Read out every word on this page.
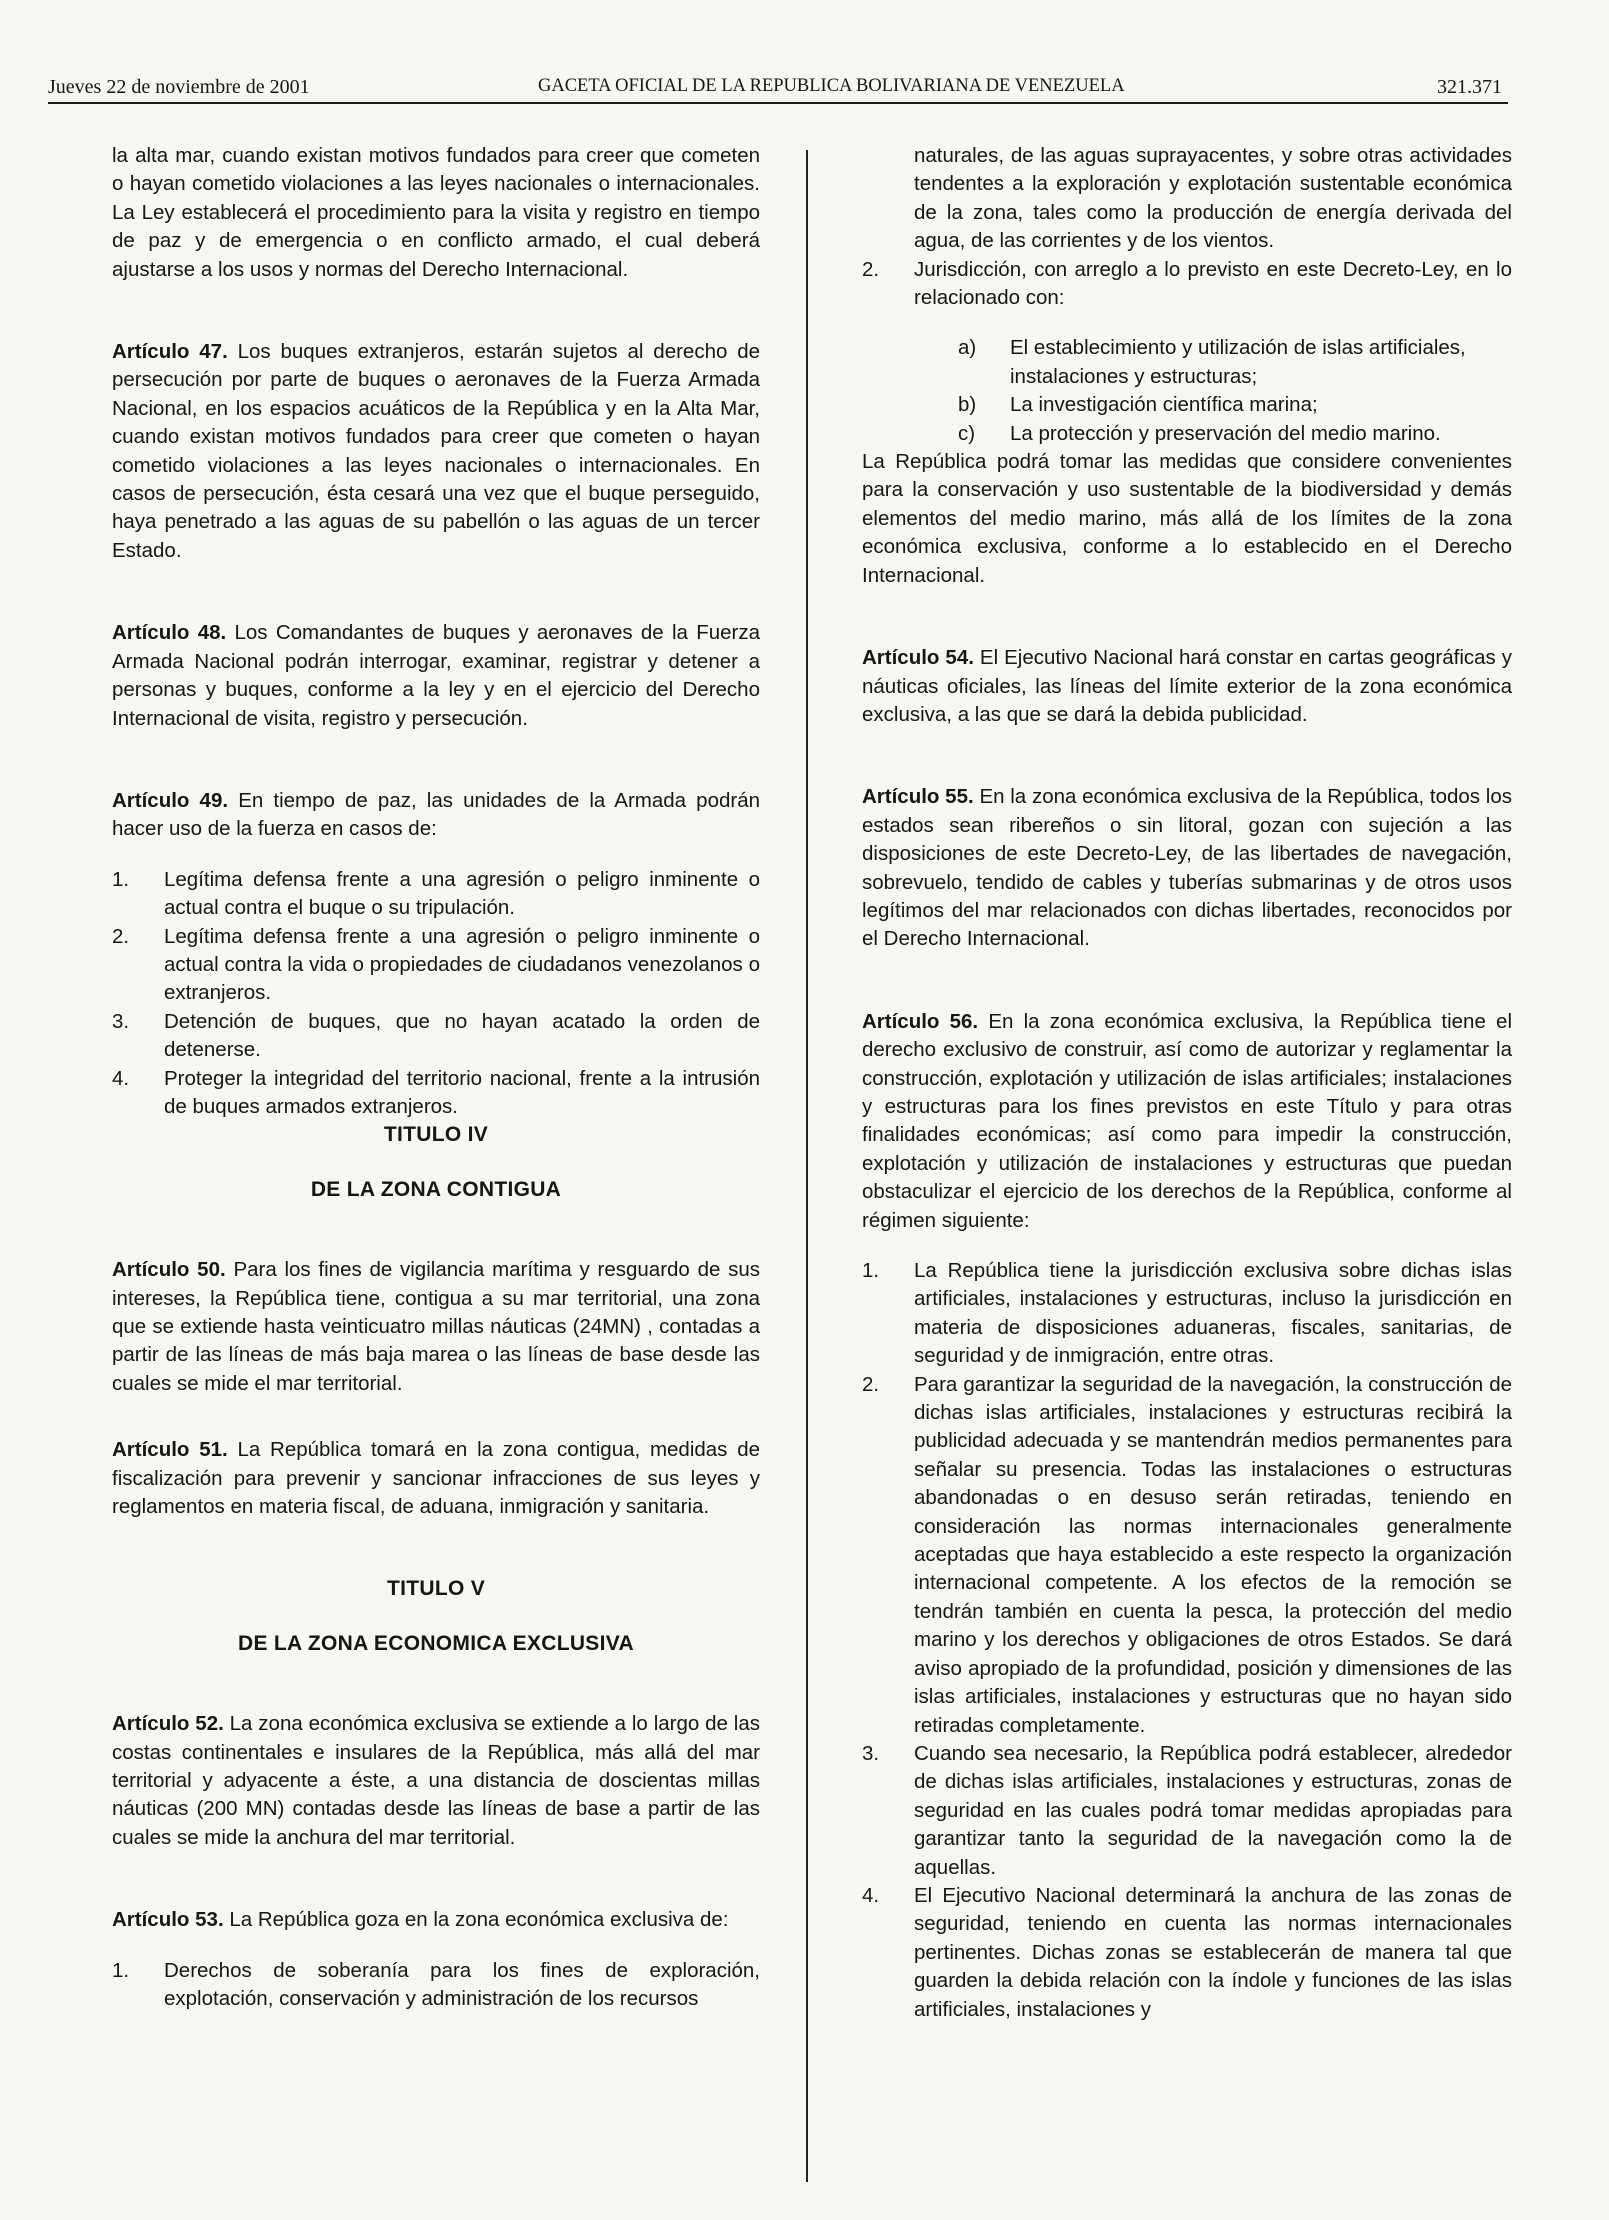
Jueves 22 de noviembre de 2001	GACETA OFICIAL DE LA REPUBLICA BOLIVARIANA DE VENEZUELA	321.371

la alta mar, cuando existan motivos fundados para creer que cometen o hayan cometido violaciones a las leyes nacionales o internacionales. La Ley establecerá el procedimiento para la visita y registro en tiempo de paz y de emergencia o en conflicto armado, el cual deberá ajustarse a los usos y normas del Derecho Internacional.

Artículo 47. Los buques extranjeros, estarán sujetos al derecho de persecución por parte de buques o aeronaves de la Fuerza Armada Nacional, en los espacios acuáticos de la República y en la Alta Mar, cuando existan motivos fundados para creer que cometen o hayan cometido violaciones a las leyes nacionales o internacionales. En casos de persecución, ésta cesará una vez que el buque perseguido, haya penetrado a las aguas de su pabellón o las aguas de un tercer Estado.

Artículo 48. Los Comandantes de buques y aeronaves de la Fuerza Armada Nacional podrán interrogar, examinar, registrar y detener a personas y buques, conforme a la ley y en el ejercicio del Derecho Internacional de visita, registro y persecución.

Artículo 49. En tiempo de paz, las unidades de la Armada podrán hacer uso de la fuerza en casos de:

1. Legítima defensa frente a una agresión o peligro inminente o actual contra el buque o su tripulación.
2. Legítima defensa frente a una agresión o peligro inminente o actual contra la vida o propiedades de ciudadanos venezolanos o extranjeros.
3. Detención de buques, que no hayan acatado la orden de detenerse.
4. Proteger la integridad del territorio nacional, frente a la intrusión de buques armados extranjeros.

TITULO IV

DE LA ZONA CONTIGUA

Artículo 50. Para los fines de vigilancia marítima y resguardo de sus intereses, la República tiene, contigua a su mar territorial, una zona que se extiende hasta veinticuatro millas náuticas (24MN) , contadas a partir de las líneas de más baja marea o las líneas de base desde las cuales se mide el mar territorial.

Artículo 51. La República tomará en la zona contigua, medidas de fiscalización para prevenir y sancionar infracciones de sus leyes y reglamentos en materia fiscal, de aduana, inmigración y sanitaria.

TITULO V

DE LA ZONA ECONOMICA EXCLUSIVA

Artículo 52. La zona económica exclusiva se extiende a lo largo de las costas continentales e insulares de la República, más allá del mar territorial y adyacente a éste, a una distancia de doscientas millas náuticas (200 MN) contadas desde las líneas de base a partir de las cuales se mide la anchura del mar territorial.

Artículo 53. La República goza en la zona económica exclusiva de:

1. Derechos de soberanía para los fines de exploración, explotación, conservación y administración de los recursos
naturales, de las aguas suprayacentes, y sobre otras actividades tendentes a la exploración y explotación sustentable económica de la zona, tales como la producción de energía derivada del agua, de las corrientes y de los vientos.
2. Jurisdicción, con arreglo a lo previsto en este Decreto-Ley, en lo relacionado con:
a) El establecimiento y utilización de islas artificiales, instalaciones y estructuras;
b) La investigación científica marina;
c) La protección y preservación del medio marino.

La República podrá tomar las medidas que considere convenientes para la conservación y uso sustentable de la biodiversidad y demás elementos del medio marino, más allá de los límites de la zona económica exclusiva, conforme a lo establecido en el Derecho Internacional.

Artículo 54. El Ejecutivo Nacional hará constar en cartas geográficas y náuticas oficiales, las líneas del límite exterior de la zona económica exclusiva, a las que se dará la debida publicidad.

Artículo 55. En la zona económica exclusiva de la República, todos los estados sean ribereños o sin litoral, gozan con sujeción a las disposiciones de este Decreto-Ley, de las libertades de navegación, sobrevuelo, tendido de cables y tuberías submarinas y de otros usos legítimos del mar relacionados con dichas libertades, reconocidos por el Derecho Internacional.

Artículo 56. En la zona económica exclusiva, la República tiene el derecho exclusivo de construir, así como de autorizar y reglamentar la construcción, explotación y utilización de islas artificiales; instalaciones y estructuras para los fines previstos en este Título y para otras finalidades económicas; así como para impedir la construcción, explotación y utilización de instalaciones y estructuras que puedan obstaculizar el ejercicio de los derechos de la República, conforme al régimen siguiente:

1. La República tiene la jurisdicción exclusiva sobre dichas islas artificiales, instalaciones y estructuras, incluso la jurisdicción en materia de disposiciones aduaneras, fiscales, sanitarias, de seguridad y de inmigración, entre otras.
2. Para garantizar la seguridad de la navegación, la construcción de dichas islas artificiales, instalaciones y estructuras recibirá la publicidad adecuada y se mantendrán medios permanentes para señalar su presencia. Todas las instalaciones o estructuras abandonadas o en desuso serán retiradas, teniendo en consideración las normas internacionales generalmente aceptadas que haya establecido a este respecto la organización internacional competente. A los efectos de la remoción se tendrán también en cuenta la pesca, la protección del medio marino y los derechos y obligaciones de otros Estados. Se dará aviso apropiado de la profundidad, posición y dimensiones de las islas artificiales, instalaciones y estructuras que no hayan sido retiradas completamente.
3. Cuando sea necesario, la República podrá establecer, alrededor de dichas islas artificiales, instalaciones y estructuras, zonas de seguridad en las cuales podrá tomar medidas apropiadas para garantizar tanto la seguridad de la navegación como la de aquellas.
4. El Ejecutivo Nacional determinará la anchura de las zonas de seguridad, teniendo en cuenta las normas internacionales pertinentes. Dichas zonas se establecerán de manera tal que guarden la debida relación con la índole y funciones de las islas artificiales, instalaciones y
